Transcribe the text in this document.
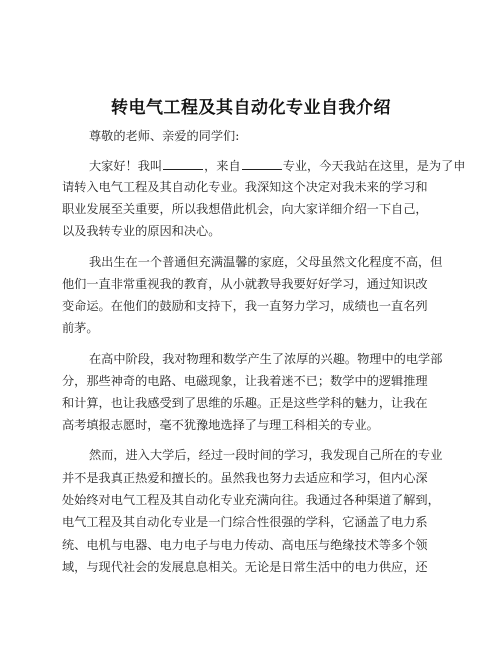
转电气工程及其自动化专业自我介绍
尊敬的老师、亲爱的同学们:
大家好！我叫	，来自	专业，今天我站在这里，是为了申
请转入电气工程及其自动化专业。我深知这个决定对我未来的学习和
职业发展至关重要，所以我想借此机会，向大家详细介绍一下自己，
以及我转专业的原因和决心。
我出生在一个普通但充满温馨的家庭，父母虽然文化程度不高，但
他们一直非常重视我的教育，从小就教导我要好好学习，通过知识改
变命运。在他们的鼓励和支持下，我一直努力学习，成绩也一直名列
前茅。
在高中阶段，我对物理和数学产生了浓厚的兴趣。物理中的电学部
分，那些神奇的电路、电磁现象，让我着迷不已；数学中的逻辑推理
和计算，也让我感受到了思维的乐趣。正是这些学科的魅力，让我在
高考填报志愿时，毫不犹豫地选择了与理工科相关的专业。
然而，进入大学后，经过一段时间的学习，我发现自己所在的专业
并不是我真正热爱和擅长的。虽然我也努力去适应和学习，但内心深
处始终对电气工程及其自动化专业充满向往。我通过各种渠道了解到，
电气工程及其自动化专业是一门综合性很强的学科，它涵盖了电力系
统、电机与电器、电力电子与电力传动、高电压与绝缘技术等多个领
域，与现代社会的发展息息相关。无论是日常生活中的电力供应，还
